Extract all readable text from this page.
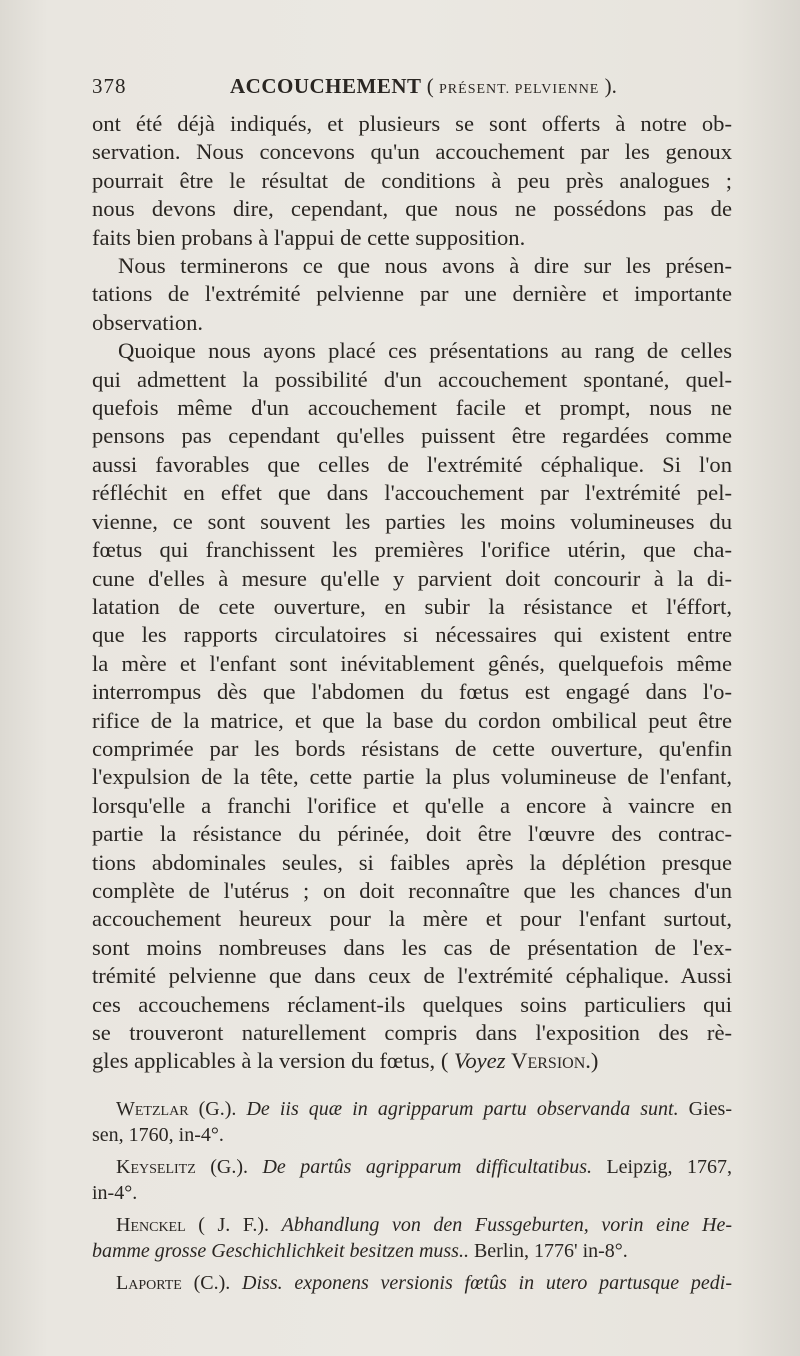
378	ACCOUCHEMENT ( PRÉSENT. PELVIENNE ).

ont été déjà indiqués, et plusieurs se sont offerts à notre ob-
servation. Nous concevons qu'un accouchement par les genoux
pourrait être le résultat de conditions à peu près analogues ;
nous devons dire, cependant, que nous ne possédons pas de
faits bien probans à l'appui de cette supposition.

Nous terminerons ce que nous avons à dire sur les présen-
tations de l'extrémité pelvienne par une dernière et importante
observation.

Quoique nous ayons placé ces présentations au rang de celles
qui admettent la possibilité d'un accouchement spontané, quel-
quefois même d'un accouchement facile et prompt, nous ne
pensons pas cependant qu'elles puissent être regardées comme
aussi favorables que celles de l'extrémité céphalique. Si l'on
réfléchit en effet que dans l'accouchement par l'extrémité pel-
vienne, ce sont souvent les parties les moins volumineuses du
fœtus qui franchissent les premières l'orifice utérin, que cha-
cune d'elles à mesure qu'elle y parvient doit concourir à la di-
latation de cete ouverture, en subir la résistance et l'éffort,
que les rapports circulatoires si nécessaires qui existent entre
la mère et l'enfant sont inévitablement gênés, quelquefois même
interrompus dès que l'abdomen du fœtus est engagé dans l'o-
rifice de la matrice, et que la base du cordon ombilical peut être
comprimée par les bords résistans de cette ouverture, qu'enfin
l'expulsion de la tête, cette partie la plus volumineuse de l'enfant,
lorsqu'elle a franchi l'orifice et qu'elle a encore à vaincre en
partie la résistance du périnée, doit être l'œuvre des contrac-
tions abdominales seules, si faibles après la déplétion presque
complète de l'utérus ; on doit reconnaître que les chances d'un
accouchement heureux pour la mère et pour l'enfant surtout,
sont moins nombreuses dans les cas de présentation de l'ex-
trémité pelvienne que dans ceux de l'extrémité céphalique. Aussi
ces accouchemens réclament-ils quelques soins particuliers qui
se trouveront naturellement compris dans l'exposition des rè-
gles applicables à la version du fœtus, ( Voyez Version.)

Wetzlar (G.). De iis quæ in agripparum partu observanda sunt. Gies-
sen, 1760, in-4°.

Keyselitz (G.). De partûs agripparum difficultatibus. Leipzig, 1767,
in-4°.

Henckel ( J. F.). Abhandlung von den Fussgeburten, vorin eine He-
bamme grosse Geschichlichkeit besitzen muss.. Berlin, 1776' in-8°.

Laporte (C.). Diss. exponens versionis fœtûs in utero partusque pedi-
